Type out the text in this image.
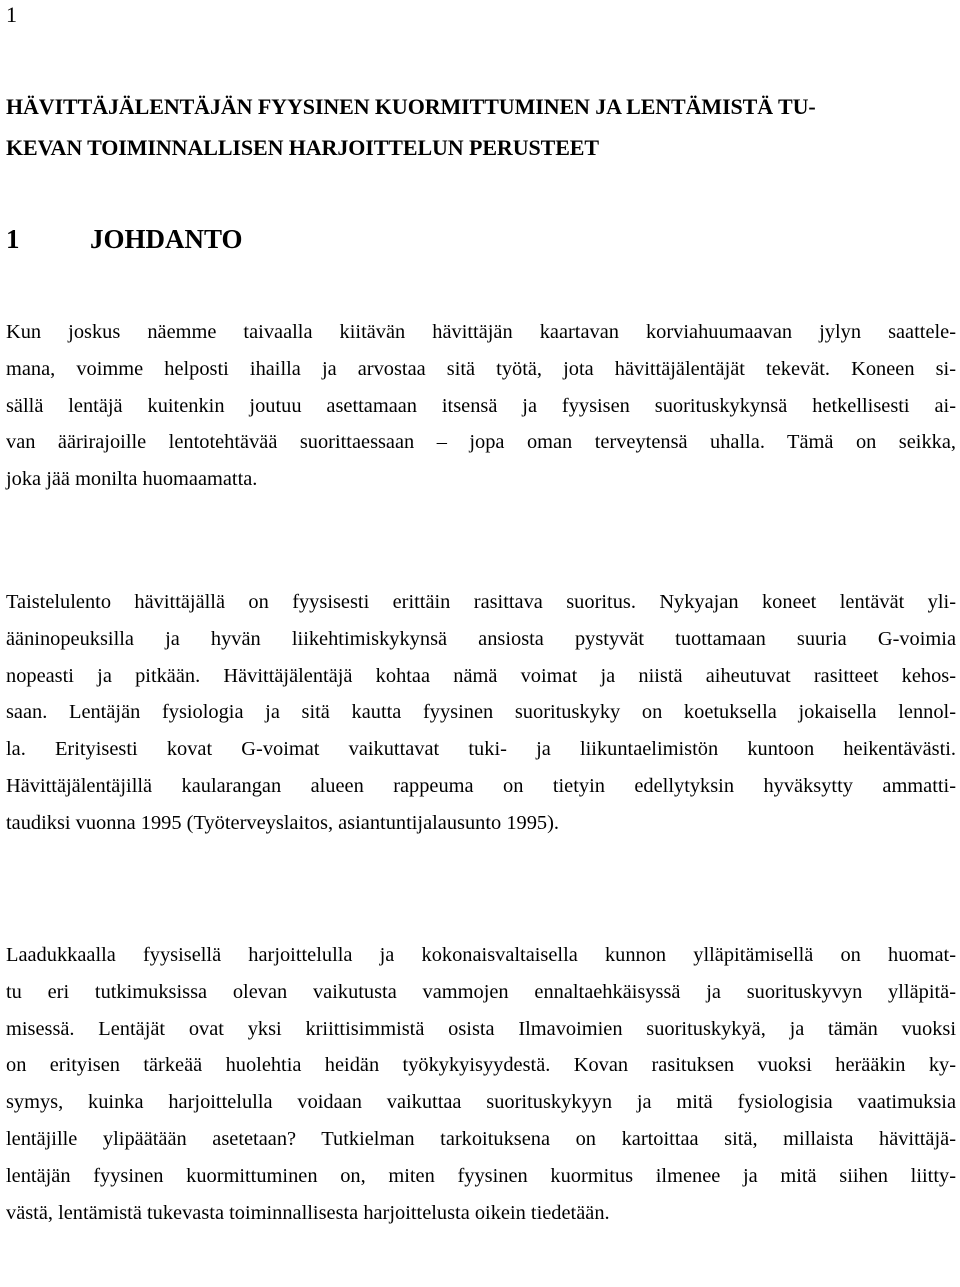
1
HÄVITTÄJÄLENTÄJÄN FYYSINEN KUORMITTUMINEN JA LENTÄMISTÄ TU-
KEVAN TOIMINNALLISEN HARJOITTELUN PERUSTEET
1	JOHDANTO

Kun joskus näemme taivaalla kiitävän hävittäjän kaartavan korviahuumaavan jylyn saattele-
mana, voimme helposti ihailla ja arvostaa sitä työtä, jota hävittäjälentäjät tekevät. Koneen si-
sällä lentäjä kuitenkin joutuu asettamaan itsensä ja fyysisen suorituskykynsä hetkellisesti ai-
van äärirajoille lentotehtävää suorittaessaan – jopa oman terveytensä uhalla. Tämä on seikka,
joka jää monilta huomaamatta.

Taistelulento hävittäjällä on fyysisesti erittäin rasittava suoritus. Nykyajan koneet lentävät yli-
ääninopeuksilla ja hyvän liikehtimiskykynsä ansiosta pystyvät tuottamaan suuria G-voimia
nopeasti ja pitkään. Hävittäjälentäjä kohtaa nämä voimat ja niistä aiheutuvat rasitteet kehos-
saan. Lentäjän fysiologia ja sitä kautta fyysinen suorituskyky on koetuksella jokaisella lennol-
la. Erityisesti kovat G-voimat vaikuttavat tuki- ja liikuntaelimistön kuntoon heikentävästi.
Hävittäjälentäjillä kaularangan alueen rappeuma on tietyin edellytyksin hyväksytty ammatti-
taudiksi vuonna 1995 (Työterveyslaitos, asiantuntijalausunto 1995).

Laadukkaalla fyysisellä harjoittelulla ja kokonaisvaltaisella kunnon ylläpitämisellä on huomat-
tu eri tutkimuksissa olevan vaikutusta vammojen ennaltaehkäisyssä ja suorituskyvyn ylläpitä-
misessä. Lentäjät ovat yksi kriittisimmistä osista Ilmavoimien suorituskykyä, ja tämän vuoksi
on erityisen tärkeää huolehtia heidän työkykyisyydestä. Kovan rasituksen vuoksi herääkin ky-
symys, kuinka harjoittelulla voidaan vaikuttaa suorituskykyyn ja mitä fysiologisia vaatimuksia
lentäjille ylipäätään asetetaan? Tutkielman tarkoituksena on kartoittaa sitä, millaista hävittäjä-
lentäjän fyysinen kuormittuminen on, miten fyysinen kuormitus ilmenee ja mitä siihen liitty-
västä, lentämistä tukevasta toiminnallisesta harjoittelusta oikein tiedetään.
